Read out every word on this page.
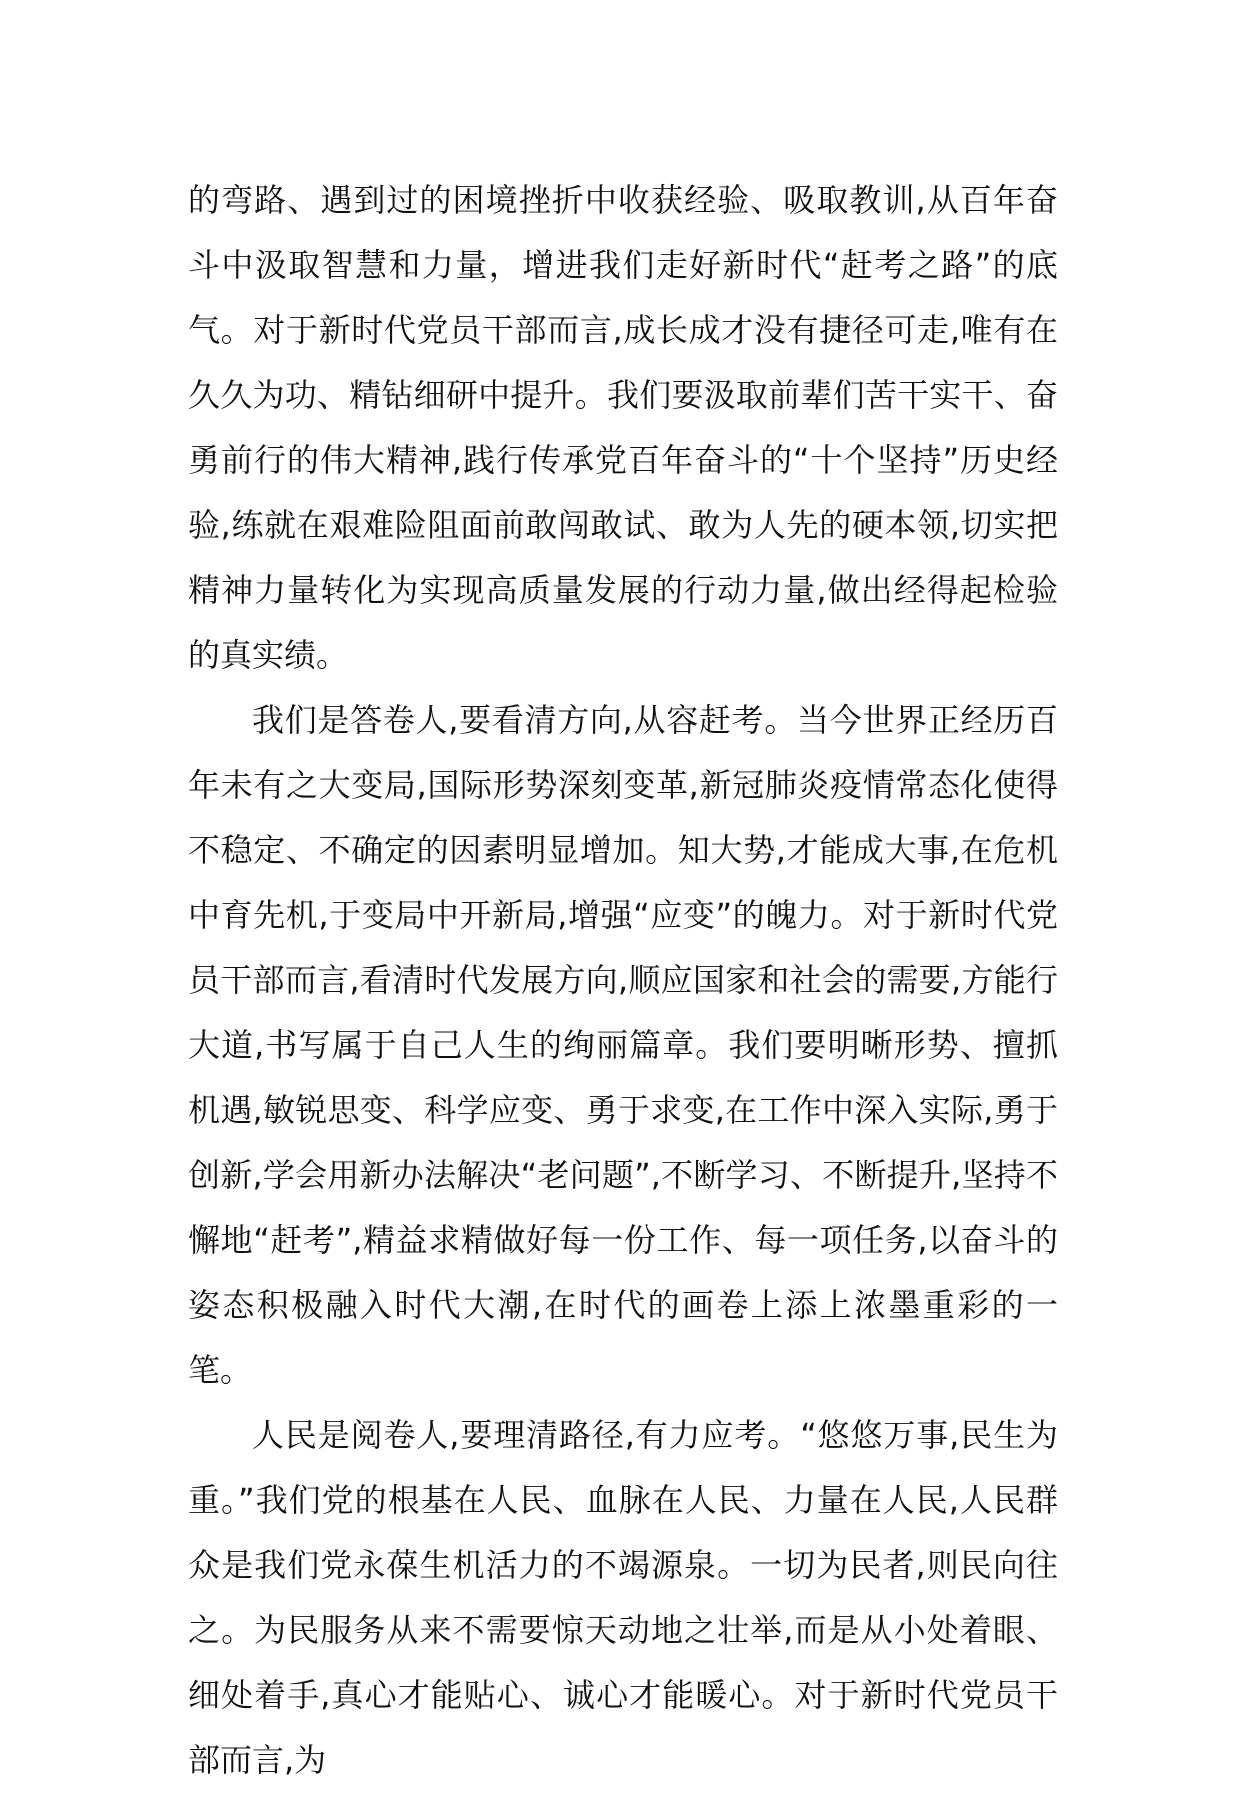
的弯路、遇到过的困境挫折中收获经验、吸取教训,从百年奋斗中汲取智慧和力量，增进我们走好新时代“赶考之路”的底气。对于新时代党员干部而言,成长成才没有捷径可走,唯有在久久为功、精钻细研中提升。我们要汲取前辈们苦干实干、奋勇前行的伟大精神,践行传承党百年奋斗的“十个坚持”历史经验,练就在艰难险阻面前敢闯敢试、敢为人先的硬本领,切实把精神力量转化为实现高质量发展的行动力量,做出经得起检验的真实绩。

我们是答卷人,要看清方向,从容赶考。当今世界正经历百年未有之大变局,国际形势深刻变革,新冠肺炎疫情常态化使得不稳定、不确定的因素明显增加。知大势,才能成大事,在危机中育先机,于变局中开新局,增强“应变”的魄力。对于新时代党员干部而言,看清时代发展方向,顺应国家和社会的需要,方能行大道,书写属于自己人生的绚丽篇章。我们要明晰形势、擅抓机遇,敏锐思变、科学应变、勇于求变,在工作中深入实际,勇于创新,学会用新办法解决“老问题”,不断学习、不断提升,坚持不懈地“赶考”,精益求精做好每一份工作、每一项任务,以奋斗的姿态积极融入时代大潮,在时代的画卷上添上浓墨重彩的一笔。

人民是阅卷人,要理清路径,有力应考。“悠悠万事,民生为重。”我们党的根基在人民、血脉在人民、力量在人民,人民群众是我们党永葆生机活力的不竭源泉。一切为民者,则民向往之。为民服务从来不需要惊天动地之壮举,而是从小处着眼、细处着手,真心才能贴心、诚心才能暖心。对于新时代党员干部而言,为
